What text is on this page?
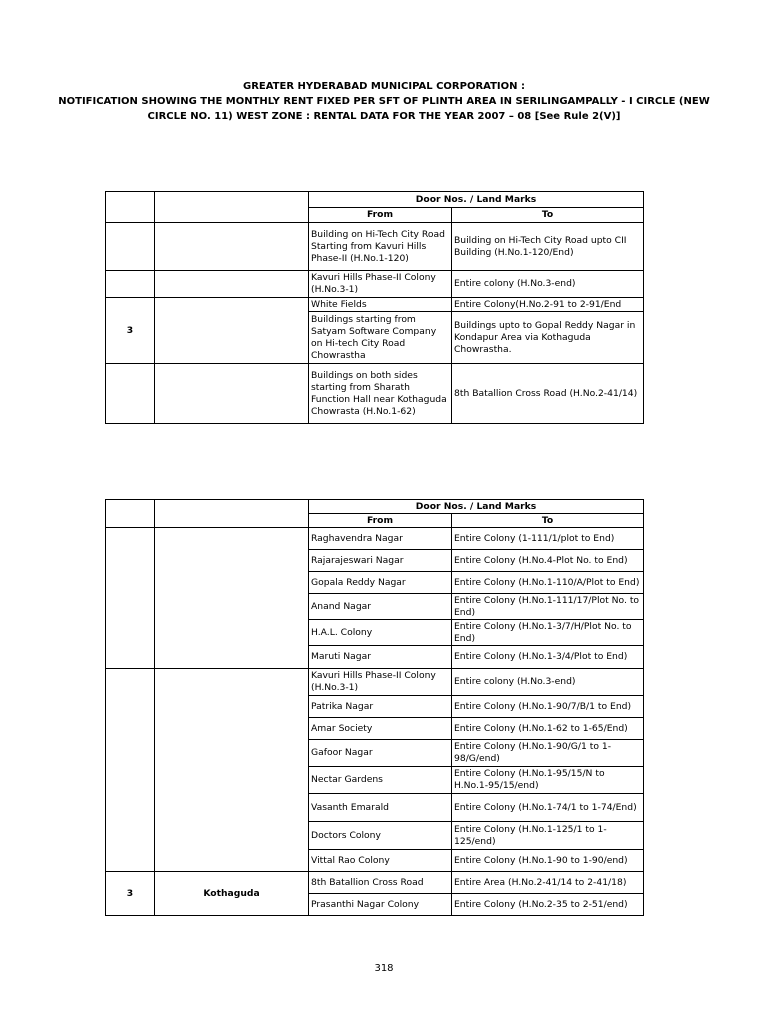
GREATER HYDERABAD MUNICIPAL CORPORATION :
NOTIFICATION SHOWING THE MONTHLY RENT FIXED PER SFT OF PLINTH AREA IN SERILINGAMPALLY - I CIRCLE (NEW
CIRCLE NO. 11) WEST ZONE : RENTAL DATA FOR THE YEAR 2007 – 08 [See Rule 2(V)]
		Door Nos. / Land Marks	
		From	To
		Building on Hi-Tech City Road Starting from Kavuri Hills Phase-II (H.No.1-120)	Building on Hi-Tech City Road upto CII Building (H.No.1-120/End)
		Kavuri Hills Phase-II Colony (H.No.3-1)	Entire colony (H.No.3-end)
3		White Fields	Entire Colony(H.No.2-91 to 2-91/End
		Buildings starting from Satyam Software Company on Hi-tech City Road Chowrastha	Buildings upto to Gopal Reddy Nagar in Kondapur Area via Kothaguda Chowrastha.
		Buildings on both sides starting from Sharath Function Hall near Kothaguda Chowrasta (H.No.1-62)	8th Batallion Cross Road (H.No.2-41/14)
		Door Nos. / Land Marks	
		From	To
		Raghavendra Nagar	Entire Colony (1-111/1/plot to End)
		Rajarajeswari Nagar	Entire Colony (H.No.4-Plot No. to End)
		Gopala Reddy Nagar	Entire Colony (H.No.1-110/A/Plot to End)
		Anand Nagar	Entire Colony (H.No.1-111/17/Plot No. to End)
		H.A.L. Colony	Entire Colony (H.No.1-3/7/H/Plot No. to End)
		Maruti Nagar	Entire Colony (H.No.1-3/4/Plot to End)
		Kavuri Hills Phase-II Colony (H.No.3-1)	Entire colony (H.No.3-end)
		Patrika Nagar	Entire Colony (H.No.1-90/7/B/1 to End)
		Amar Society	Entire Colony (H.No.1-62 to 1-65/End)
		Gafoor Nagar	Entire Colony (H.No.1-90/G/1 to 1-98/G/end)
		Nectar Gardens	Entire Colony (H.No.1-95/15/N to H.No.1-95/15/end)
		Vasanth Emarald	Entire Colony (H.No.1-74/1 to 1-74/End)
		Doctors Colony	Entire Colony (H.No.1-125/1 to 1-125/end)
		Vittal Rao Colony	Entire Colony (H.No.1-90 to 1-90/end)
3	Kothaguda	8th Batallion Cross Road	Entire Area (H.No.2-41/14 to 2-41/18)
		Prasanthi Nagar Colony	Entire Colony (H.No.2-35 to 2-51/end)
318
